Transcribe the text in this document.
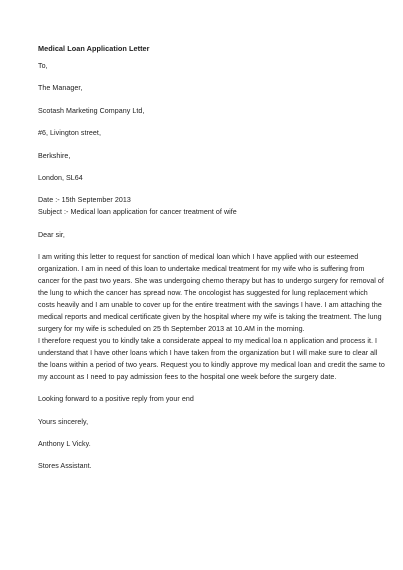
Medical Loan Application Letter
To,
The Manager,
Scotash Marketing Company Ltd,
#6, Livington street,
Berkshire,
London, SL64
Date :- 15th September 2013
Subject :- Medical loan application for cancer treatment of wife
Dear sir,
I am writing this letter to request for sanction of medical loan which I have applied with our esteemed
organization. I am in need of this loan to undertake medical treatment for my wife who is suffering from
cancer for the past two years. She was undergoing chemo therapy but has to undergo surgery for removal of
the lung to which the cancer has spread now. The oncologist has suggested for lung replacement which
costs heavily and I am unable to cover up for the entire treatment with the savings I have. I am attaching the
medical reports and medical certificate given by the hospital where my wife is taking the treatment. The lung
surgery for my wife is scheduled on 25 th September 2013 at 10.AM in the morning.
I therefore request you to kindly take a considerate appeal to my medical loa n application and process it. I
understand that I have other loans which I have taken from the organization but I will make sure to clear all
the loans within a period of two years. Request you to kindly approve my medical loan and credit the same to
my account as I need to pay admission fees to the hospital one week before the surgery date.
Looking forward to a positive reply from your end
Yours sincerely,
Anthony L Vicky.
Stores Assistant.
